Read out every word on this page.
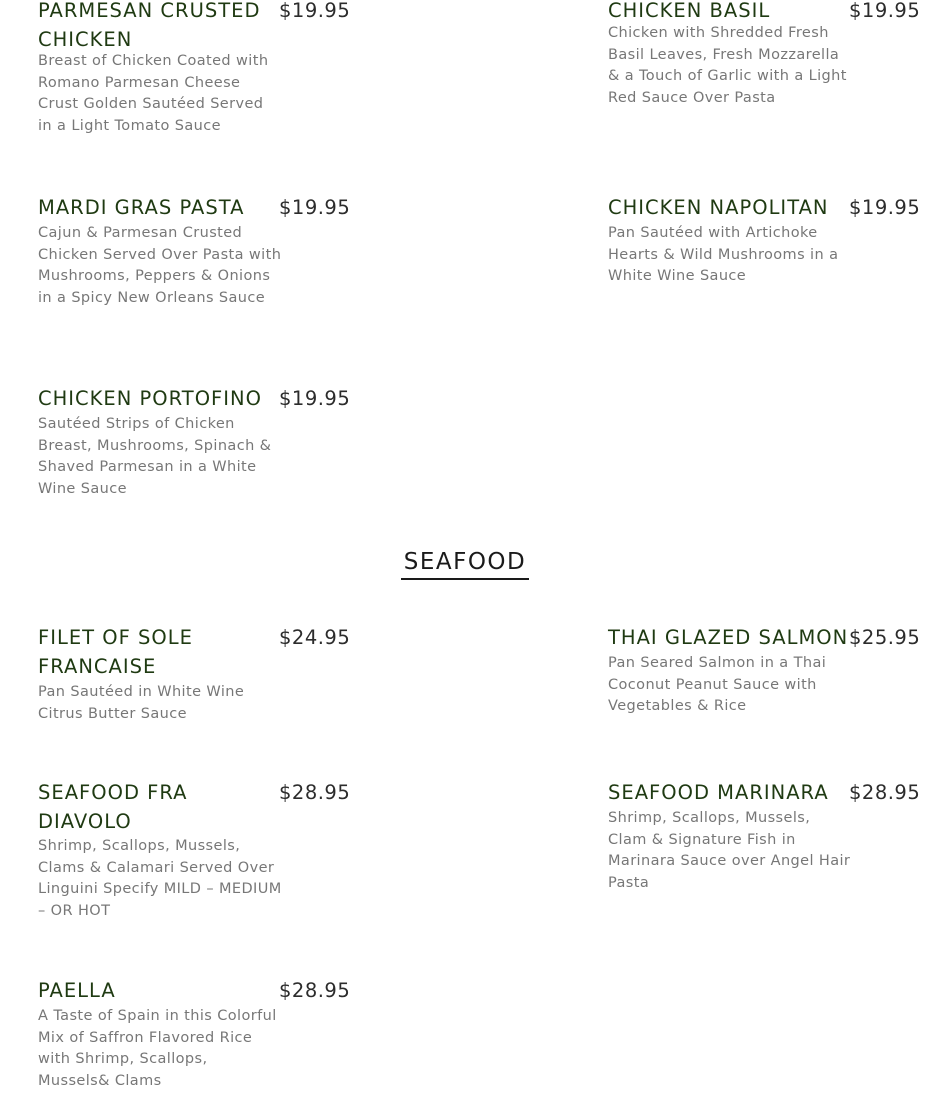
PARMESAN CRUSTED CHICKEN
$19.95

Breast of Chicken Coated with Romano Parmesan Cheese Crust Golden Sautéed Served in a Light Tomato Sauce

CHICKEN BASIL	$19.95

Chicken with Shredded Fresh Basil Leaves, Fresh Mozzarella & a Touch of Garlic with a Light Red Sauce Over Pasta

MARDI GRAS PASTA	$19.95

Cajun & Parmesan Crusted Chicken Served Over Pasta with Mushrooms, Peppers & Onions in a Spicy New Orleans Sauce

CHICKEN NAPOLITAN	$19.95

Pan Sautéed with Artichoke Hearts & Wild Mushrooms in a White Wine Sauce

CHICKEN PORTOFINO $19.95

Sautéed Strips of Chicken Breast, Mushrooms, Spinach & Shaved Parmesan in a White Wine Sauce

SEAFOOD
FILET OF SOLE FRANCAISE
$24.95

Pan Sautéed in White Wine Citrus Butter Sauce

THAI GLAZED SALMON $25.95

Pan Seared Salmon in a Thai Coconut Peanut Sauce with Vegetables & Rice

SEAFOOD FRA DIAVOLO
$28.95

Shrimp, Scallops, Mussels, Clams & Calamari Served Over Linguini Specify MILD – MEDIUM – OR HOT

SEAFOOD MARINARA	$28.95

Shrimp, Scallops, Mussels, Clam & Signature Fish in Marinara Sauce over Angel Hair Pasta

PAELLA	$28.95

A Taste of Spain in this Colorful Mix of Saffron Flavored Rice with Shrimp, Scallops, Mussels& Clams
